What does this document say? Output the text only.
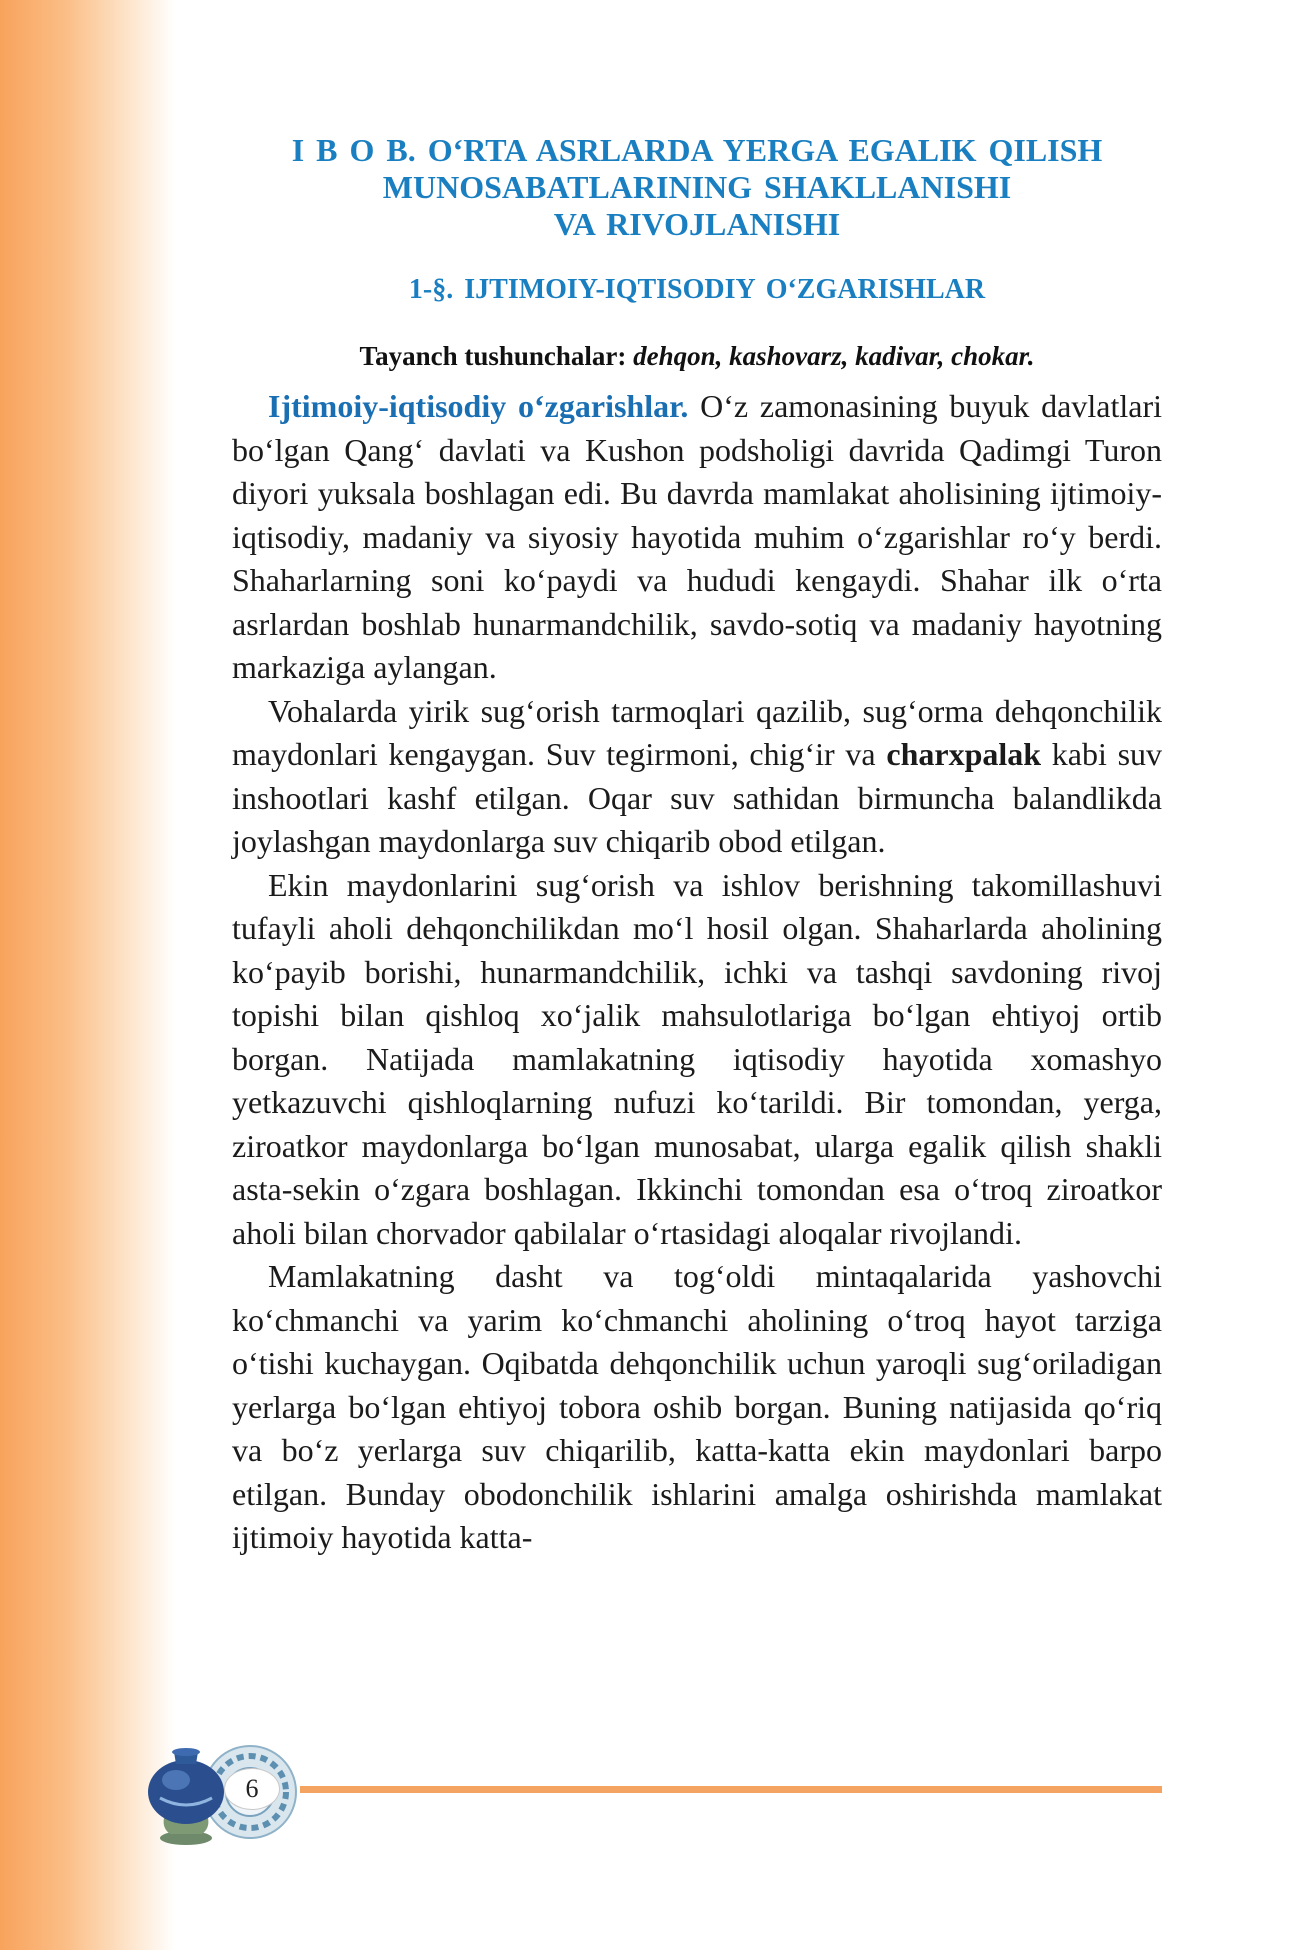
I B O B. O‘RTA ASRLARDA YERGA EGALIK QILISH
MUNOSABATLARINING SHAKLLANISHI
VA RIVOJLANISHI
1-§. IJTIMOIY-IQTISODIY O‘ZGARISHLAR

Tayanch tushunchalar: dehqon, kashovarz, kadivar, chokar.

Ijtimoiy-iqtisodiy o‘zgarishlar. O‘z zamonasining buyuk davlatlari bo‘lgan Qang‘ davlati va Kushon podsholigi davrida Qadimgi Turon diyori yuksala boshlagan edi. Bu davrda mamlakat aholisining ijtimoiy-iqtisodiy, madaniy va siyosiy hayotida muhim o‘zgarishlar ro‘y berdi. Shaharlarning soni ko‘paydi va hududi kengaydi. Shahar ilk o‘rta asrlardan boshlab hunarmandchilik, savdo-sotiq va madaniy hayotning markaziga aylangan.

Vohalarda yirik sug‘orish tarmoqlari qazilib, sug‘orma dehqonchilik maydonlari kengaygan. Suv tegirmoni, chig‘ir va charxpalak kabi suv inshootlari kashf etilgan. Oqar suv sathidan birmuncha balandlikda joylashgan maydonlarga suv chiqarib obod etilgan.

Ekin maydonlarini sug‘orish va ishlov berishning takomillashuvi tufayli aholi dehqonchilikdan mo‘l hosil olgan. Shaharlarda aholining ko‘payib borishi, hunarmandchilik, ichki va tashqi savdoning rivoj topishi bilan qishloq xo‘jalik mahsulotlariga bo‘lgan ehtiyoj ortib borgan. Natijada mamlakatning iqtisodiy hayotida xomashyo yetkazuvchi qishloqlarning nufuzi ko‘tarildi. Bir tomondan, yerga, ziroatkor maydonlarga bo‘lgan munosabat, ularga egalik qilish shakli asta-sekin o‘zgara boshlagan. Ikkinchi tomondan esa o‘troq ziroatkor aholi bilan chorvador qabilalar o‘rtasidagi aloqalar rivojlandi.

Mamlakatning dasht va tog‘oldi mintaqalarida yashovchi ko‘chmanchi va yarim ko‘chmanchi aholining o‘troq hayot tarziga o‘tishi kuchaygan. Oqibatda dehqonchilik uchun yaroqli sug‘oriladigan yerlarga bo‘lgan ehtiyoj tobora oshib borgan. Buning natijasida qo‘riq va bo‘z yerlarga suv chiqarilib, katta-katta ekin maydonlari barpo etilgan. Bunday obodonchilik ishlarini amalga oshirishda mamlakat ijtimoiy hayotida katta-

6
